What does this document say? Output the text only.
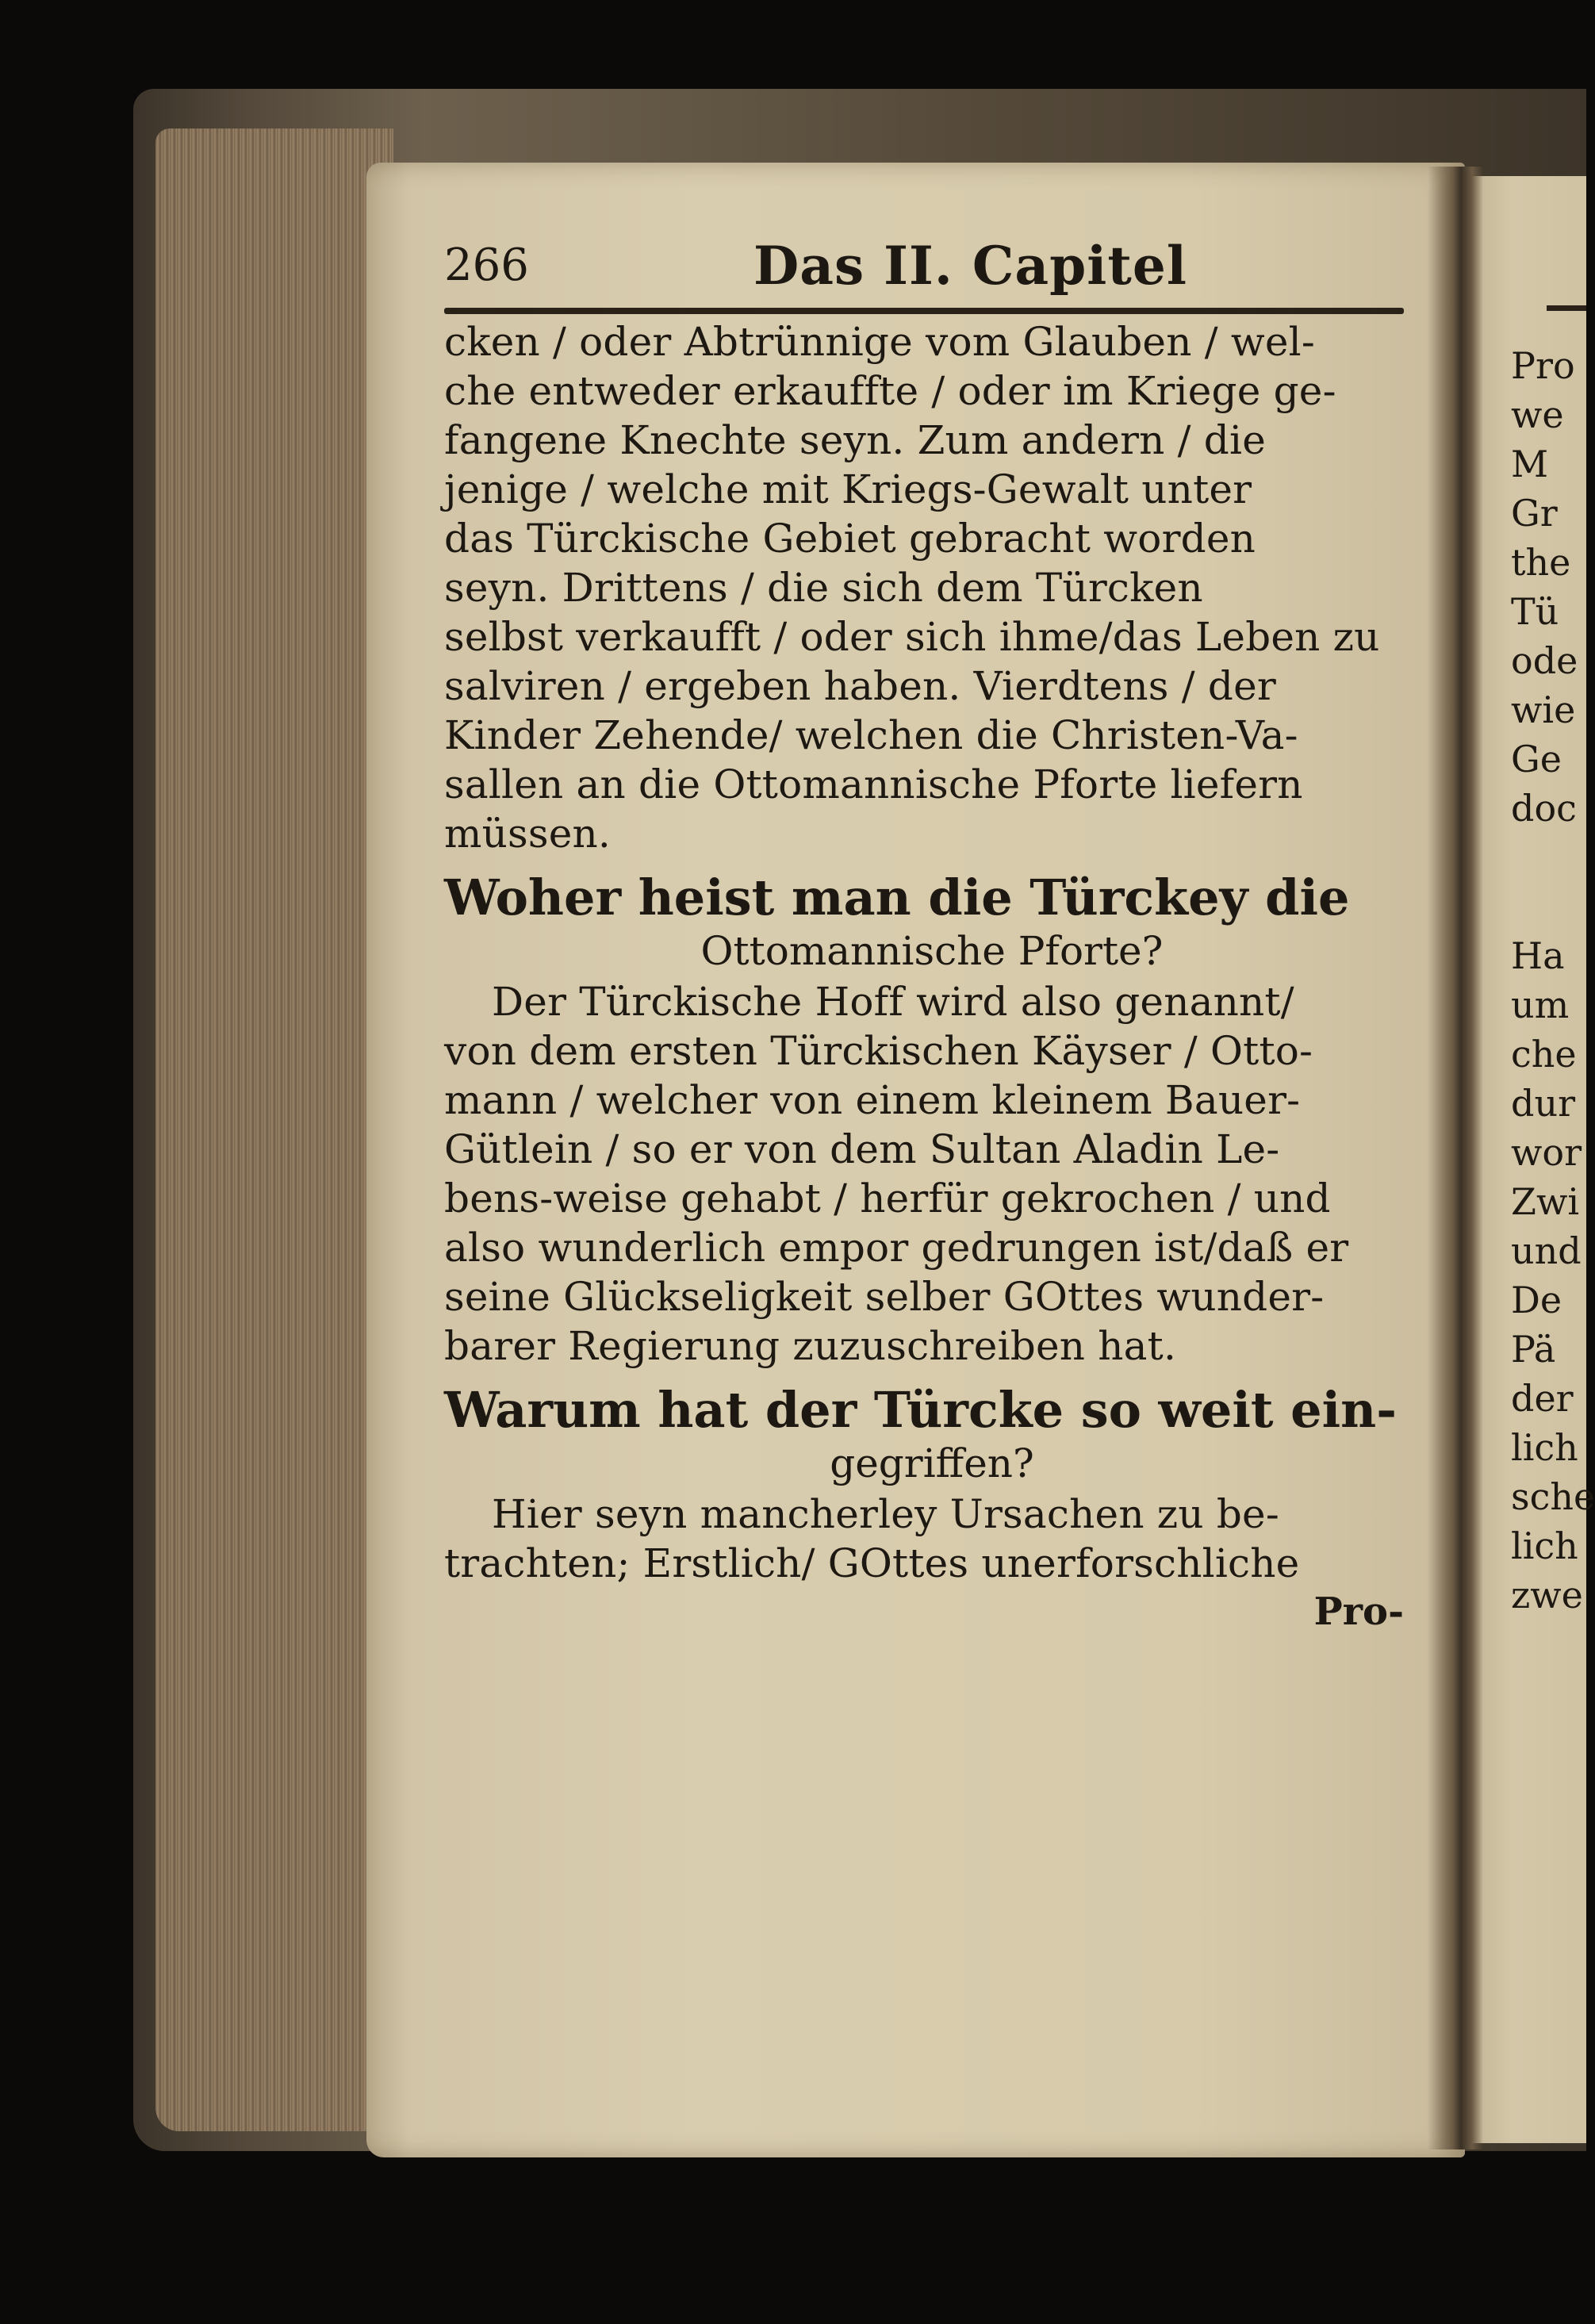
266	Das II. Capitel
cken / oder Abtrünnige vom Glauben / wel-
che entweder erkauffte / oder im Kriege ge-
fangene Knechte seyn. Zum andern / die
jenige / welche mit Kriegs-Gewalt unter
das Türckische Gebiet gebracht worden
seyn. Drittens / die sich dem Türcken
selbst verkaufft / oder sich ihme/das Leben zu
salviren / ergeben haben. Vierdtens / der
Kinder Zehende/ welchen die Christen-Va-
sallen an die Ottomannische Pforte liefern
müssen.
Woher heist man die Türckey die
Ottomannische Pforte?
Der Türckische Hoff wird also genannt/
von dem ersten Türckischen Käyser / Otto-
mann / welcher von einem kleinem Bauer-
Gütlein / so er von dem Sultan Aladin Le-
bens-weise gehabt / herfür gekrochen / und
also wunderlich empor gedrungen ist/daß er
seine Glückseligkeit selber GOttes wunder-
barer Regierung zuzuschreiben hat.
Warum hat der Türcke so weit ein-
gegriffen?
Hier seyn mancherley Ursachen zu be-
trachten; Erstlich/ GOttes unerforschliche
Pro-
Pro
we
M
Gr
the
Tü
ode
wie
Ge
doc
Ha
um
che
dur
wor
Zwi
und
De
Pä
der
lich
sche
lich
zwe
